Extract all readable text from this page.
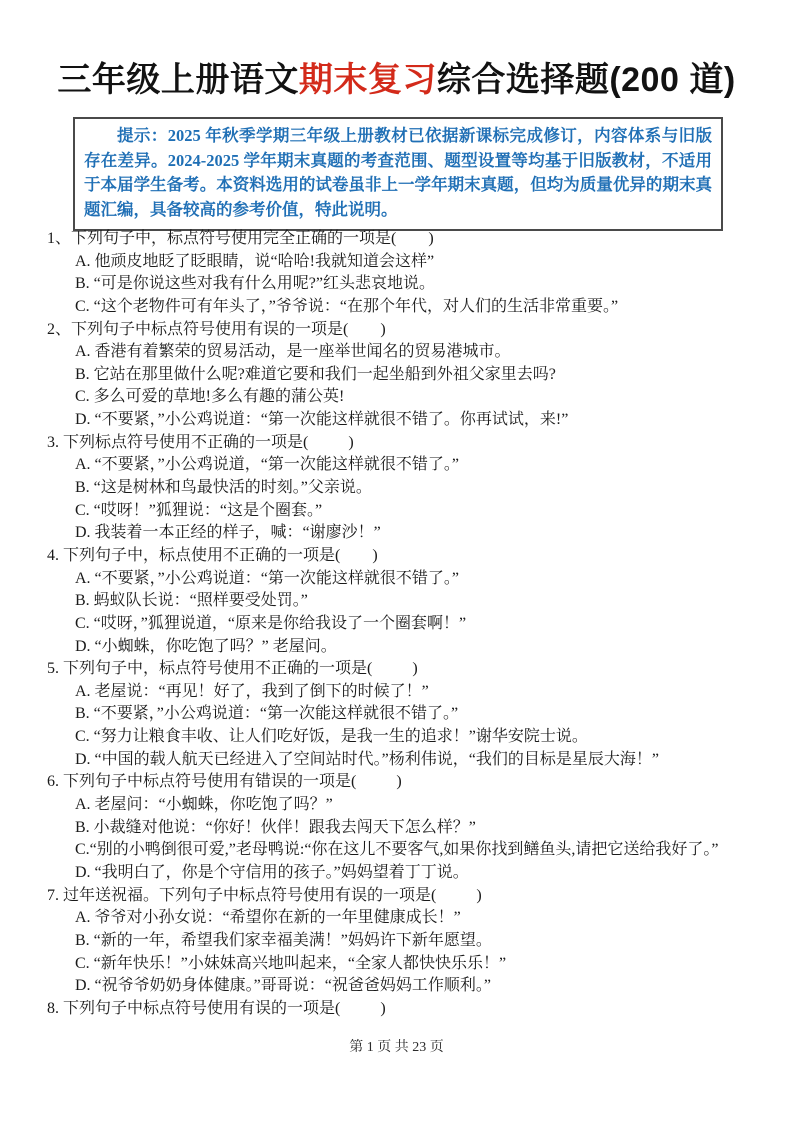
三年级上册语文期末复习综合选择题(200 道)
提示：2025 年秋季学期三年级上册教材已依据新课标完成修订，内容体系与旧版存在差异。2024-2025 学年期末真题的考查范围、题型设置等均基于旧版教材，不适用于本届学生备考。本资料选用的试卷虽非上一学年期末真题，但均为质量优异的期末真题汇编，具备较高的参考价值，特此说明。
1、下列句子中，标点符号使用完全正确的一项是(        )
A. 他顽皮地眨了眨眼睛，说“哈哈!我就知道会这样”
B. “可是你说这些对我有什么用呢?”红头悲哀地说。
C. “这个老物件可有年头了，”爷爷说：“在那个年代，对人们的生活非常重要。”
2、下列句子中标点符号使用有误的一项是(        )
A. 香港有着繁荣的贸易活动，是一座举世闻名的贸易港城市。
B. 它站在那里做什么呢?难道它要和我们一起坐船到外祖父家里去吗?
C. 多么可爱的草地!多么有趣的蒲公英!
D. “不要紧，”小公鸡说道：“第一次能这样就很不错了。你再试试，来!”
3. 下列标点符号使用不正确的一项是(          )
A. “不要紧，”小公鸡说道，“第一次能这样就很不错了。”
B. “这是树林和鸟最快活的时刻。”父亲说。
C. “哎呀！”狐狸说：“这是个圈套。”
D. 我装着一本正经的样子，喊：“谢廖沙！”
4. 下列句子中，标点使用不正确的一项是(        )
A. “不要紧，”小公鸡说道：“第一次能这样就很不错了。”
B. 蚂蚁队长说：“照样要受处罚。”
C. “哎呀，”狐狸说道，“原来是你给我设了一个圈套啊！”
D. “小蜘蛛，你吃饱了吗？” 老屋问。
5. 下列句子中，标点符号使用不正确的一项是(          )
A. 老屋说：“再见！好了，我到了倒下的时候了！”
B. “不要紧，”小公鸡说道：“第一次能这样就很不错了。”
C. “努力让粮食丰收、让人们吃好饭，是我一生的追求！”谢华安院士说。
D. “中国的载人航天已经进入了空间站时代。”杨利伟说，“我们的目标是星辰大海！”
6. 下列句子中标点符号使用有错误的一项是(          )
A. 老屋问：“小蜘蛛，你吃饱了吗？”
B. 小裁缝对他说：“你好！伙伴！跟我去闯天下怎么样？”
C.“别的小鸭倒很可爱,”老母鸭说:“你在这儿不要客气,如果你找到鳝鱼头,请把它送给我好了。”
D. “我明白了，你是个守信用的孩子。”妈妈望着丁丁说。
7. 过年送祝福。下列句子中标点符号使用有误的一项是(          )
A. 爷爷对小孙女说：“希望你在新的一年里健康成长！”
B. “新的一年，希望我们家幸福美满！”妈妈许下新年愿望。
C. “新年快乐！”小妹妹高兴地叫起来，“全家人都快快乐乐！”
D. “祝爷爷奶奶身体健康。”哥哥说：“祝爸爸妈妈工作顺利。”
8. 下列句子中标点符号使用有误的一项是(          )
第 1 页 共 23 页
